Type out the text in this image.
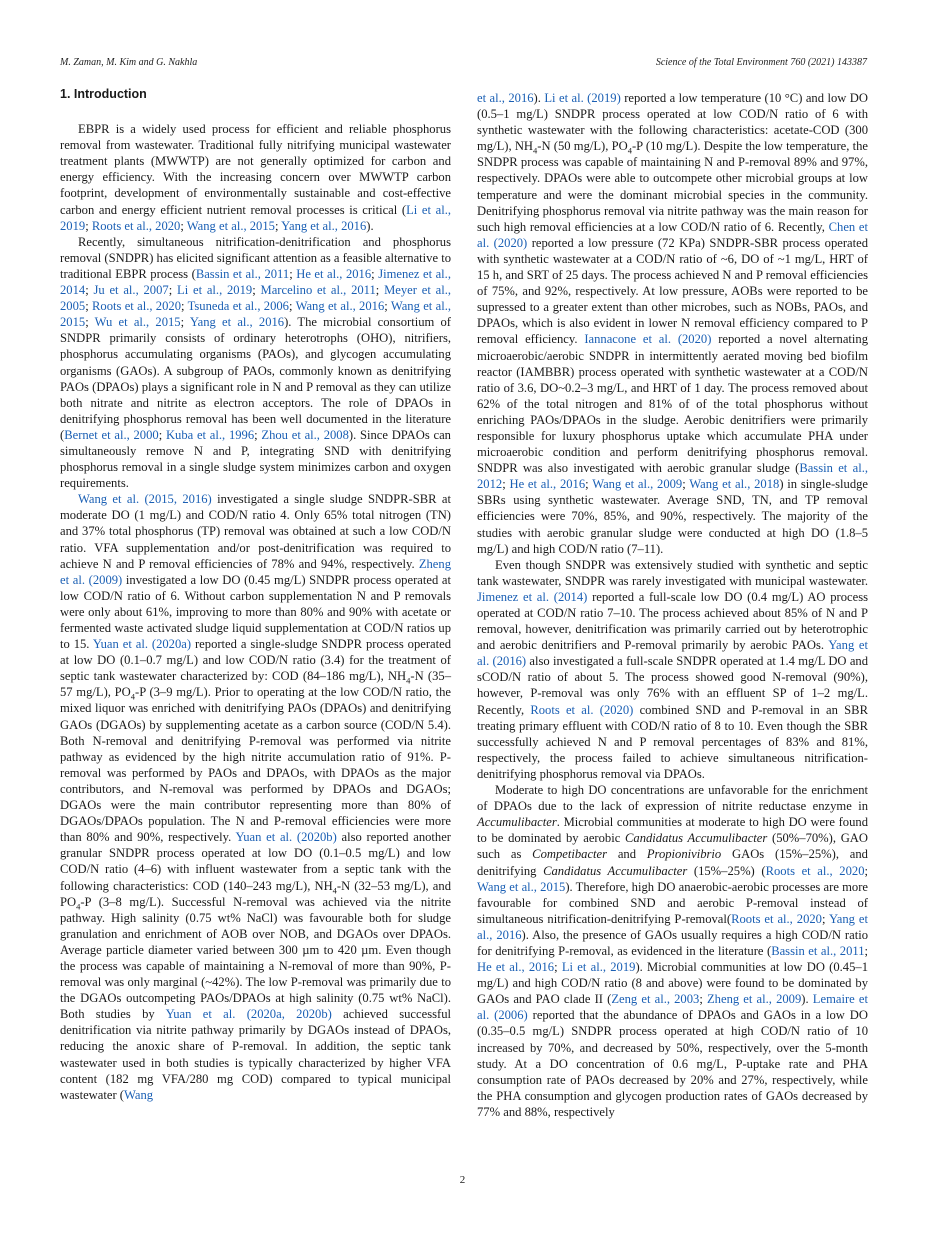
M. Zaman, M. Kim and G. Nakhla	Science of the Total Environment 760 (2021) 143387
1. Introduction

EBPR is a widely used process for efficient and reliable phosphorus removal from wastewater. Traditional fully nitrifying municipal wastewater treatment plants (MWWTP) are not generally optimized for carbon and energy efficiency. With the increasing concern over MWWTP carbon footprint, development of environmentally sustainable and cost-effective carbon and energy efficient nutrient removal processes is critical (Li et al., 2019; Roots et al., 2020; Wang et al., 2015; Yang et al., 2016).

Recently, simultaneous nitrification-denitrification and phosphorus removal (SNDPR) has elicited significant attention as a feasible alternative to traditional EBPR process (Bassin et al., 2011; He et al., 2016; Jimenez et al., 2014; Ju et al., 2007; Li et al., 2019; Marcelino et al., 2011; Meyer et al., 2005; Roots et al., 2020; Tsuneda et al., 2006; Wang et al., 2016; Wang et al., 2015; Wu et al., 2015; Yang et al., 2016). The microbial consortium of SNDPR primarily consists of ordinary heterotrophs (OHO), nitrifiers, phosphorus accumulating organisms (PAOs), and glycogen accumulating organisms (GAOs). A subgroup of PAOs, commonly known as denitrifying PAOs (DPAOs) plays a significant role in N and P removal as they can utilize both nitrate and nitrite as electron acceptors. The role of DPAOs in denitrifying phosphorus removal has been well documented in the literature (Bernet et al., 2000; Kuba et al., 1996; Zhou et al., 2008). Since DPAOs can simultaneously remove N and P, integrating SND with denitrifying phosphorus removal in a single sludge system minimizes carbon and oxygen requirements.

Wang et al. (2015, 2016) investigated a single sludge SNDPR-SBR at moderate DO (1 mg/L) and COD/N ratio 4. Only 65% total nitrogen (TN) and 37% total phosphorus (TP) removal was obtained at such a low COD/N ratio. VFA supplementation and/or post-denitrification was required to achieve N and P removal efficiencies of 78% and 94%, respectively. Zheng et al. (2009) investigated a low DO (0.45 mg/L) SNDPR process operated at low COD/N ratio of 6. Without carbon supplementation N and P removals were only about 61%, improving to more than 80% and 90% with acetate or fermented waste activated sludge liquid supplementation at COD/N ratios up to 15. Yuan et al. (2020a) reported a single-sludge SNDPR process operated at low DO (0.1–0.7 mg/L) and low COD/N ratio (3.4) for the treatment of septic tank wastewater characterized by: COD (84–186 mg/L), $NH_4-N$ (35–57 mg/L), $PO_4-P$ (3–9 mg/L). Prior to operating at the low COD/N ratio, the mixed liquor was enriched with denitrifying PAOs (DPAOs) and denitrifying GAOs (DGAOs) by supplementing acetate as a carbon source (COD/N 5.4). Both N-removal and denitrifying P-removal was performed via nitrite pathway as evidenced by the high nitrite accumulation ratio of 91%. P-removal was performed by PAOs and DPAOs, with DPAOs as the major contributors, and N-removal was performed by DPAOs and DGAOs; DGAOs were the main contributor representing more than 80% of DGAOs/DPAOs population. The N and P-removal efficiencies were more than 80% and 90%, respectively. Yuan et al. (2020b) also reported another granular SNDPR process operated at low DO (0.1–0.5 mg/L) and low COD/N ratio (4–6) with influent wastewater from a septic tank with the following characteristics: COD (140–243 mg/L), $NH_4-N$ (32–53 mg/L), and $PO_4-P$ (3–8 mg/L). Successful N-removal was achieved via the nitrite pathway. High salinity (0.75 wt% NaCl) was favourable both for sludge granulation and enrichment of AOB over NOB, and DGAOs over DPAOs. Average particle diameter varied between 300 µm to 420 µm. Even though the process was capable of maintaining a N-removal of more than 90%, P-removal was only marginal (~42%). The low P-removal was primarily due to the DGAOs outcompeting PAOs/DPAOs at high salinity (0.75 wt% NaCl). Both studies by Yuan et al. (2020a, 2020b) achieved successful denitrification via nitrite pathway primarily by DGAOs instead of DPAOs, reducing the anoxic share of P-removal. In addition, the septic tank wastewater used in both studies is typically characterized by higher VFA content (182 mg VFA/280 mg COD) compared to typical municipal wastewater (Wang

et al., 2016). Li et al. (2019) reported a low temperature (10 °C) and low DO (0.5–1 mg/L) SNDPR process operated at low COD/N ratio of 6 with synthetic wastewater with the following characteristics: acetate-COD (300 mg/L), $NH_4-N$ (50 mg/L), $PO_4-P$ (10 mg/L). Despite the low temperature, the SNDPR process was capable of maintaining N and P-removal 89% and 97%, respectively. DPAOs were able to outcompete other microbial groups at low temperature and were the dominant microbial species in the community. Denitrifying phosphorus removal via nitrite pathway was the main reason for such high removal efficiencies at a low COD/N ratio of 6. Recently, Chen et al. (2020) reported a low pressure (72 KPa) SNDPR-SBR process operated with synthetic wastewater at a COD/N ratio of ~6, DO of ~1 mg/L, HRT of 15 h, and SRT of 25 days. The process achieved N and P removal efficiencies of 75%, and 92%, respectively. At low pressure, AOBs were reported to be supressed to a greater extent than other microbes, such as NOBs, PAOs, and DPAOs, which is also evident in lower N removal efficiency compared to P removal efficiency. Iannacone et al. (2020) reported a novel alternating microaerobic/aerobic SNDPR in intermittently aerated moving bed biofilm reactor (IAMBBR) process operated with synthetic wastewater at a COD/N ratio of 3.6, DO~0.2–3 mg/L, and HRT of 1 day. The process removed about 62% of the total nitrogen and 81% of of the total phosphorus without enriching PAOs/DPAOs in the sludge. Aerobic denitrifiers were primarily responsible for luxury phosphorus uptake which accumulate PHA under microaerobic condition and perform denitrifying phosphorus removal. SNDPR was also investigated with aerobic granular sludge (Bassin et al., 2012; He et al., 2016; Wang et al., 2009; Wang et al., 2018) in single-sludge SBRs using synthetic wastewater. Average SND, TN, and TP removal efficiencies were 70%, 85%, and 90%, respectively. The majority of the studies with aerobic granular sludge were conducted at high DO (1.8–5 mg/L) and high COD/N ratio (7–11).

Even though SNDPR was extensively studied with synthetic and septic tank wastewater, SNDPR was rarely investigated with municipal wastewater. Jimenez et al. (2014) reported a full-scale low DO (0.4 mg/L) AO process operated at COD/N ratio 7–10. The process achieved about 85% of N and P removal, however, denitrification was primarily carried out by heterotrophic and aerobic denitrifiers and P-removal primarily by aerobic PAOs. Yang et al. (2016) also investigated a full-scale SNDPR operated at 1.4 mg/L DO and sCOD/N ratio of about 5. The process showed good N-removal (90%), however, P-removal was only 76% with an effluent SP of 1–2 mg/L. Recently, Roots et al. (2020) combined SND and P-removal in an SBR treating primary effluent with COD/N ratio of 8 to 10. Even though the SBR successfully achieved N and P removal percentages of 83% and 81%, respectively, the process failed to achieve simultaneous nitrification-denitrifying phosphorus removal via DPAOs.

Moderate to high DO concentrations are unfavorable for the enrichment of DPAOs due to the lack of expression of nitrite reductase enzyme in Accumulibacter. Microbial communities at moderate to high DO were found to be dominated by aerobic Candidatus Accumulibacter (50%–70%), GAO such as Competibacter and Propionivibrio GAOs (15%–25%), and denitrifying Candidatus Accumulibacter (15%–25%) (Roots et al., 2020; Wang et al., 2015). Therefore, high DO anaerobic-aerobic processes are more favourable for combined SND and aerobic P-removal instead of simultaneous nitrification-denitrifying P-removal(Roots et al., 2020; Yang et al., 2016). Also, the presence of GAOs usually requires a high COD/N ratio for denitrifying P-removal, as evidenced in the literature (Bassin et al., 2011; He et al., 2016; Li et al., 2019). Microbial communities at low DO (0.45–1 mg/L) and high COD/N ratio (8 and above) were found to be dominated by GAOs and PAO clade II (Zeng et al., 2003; Zheng et al., 2009). Lemaire et al. (2006) reported that the abundance of DPAOs and GAOs in a low DO (0.35–0.5 mg/L) SNDPR process operated at high COD/N ratio of 10 increased by 70%, and decreased by 50%, respectively, over the 5-month study. At a DO concentration of 0.6 mg/L, P-uptake rate and PHA consumption rate of PAOs decreased by 20% and 27%, respectively, while the PHA consumption and glycogen production rates of GAOs decreased by 77% and 88%, respectively

2
